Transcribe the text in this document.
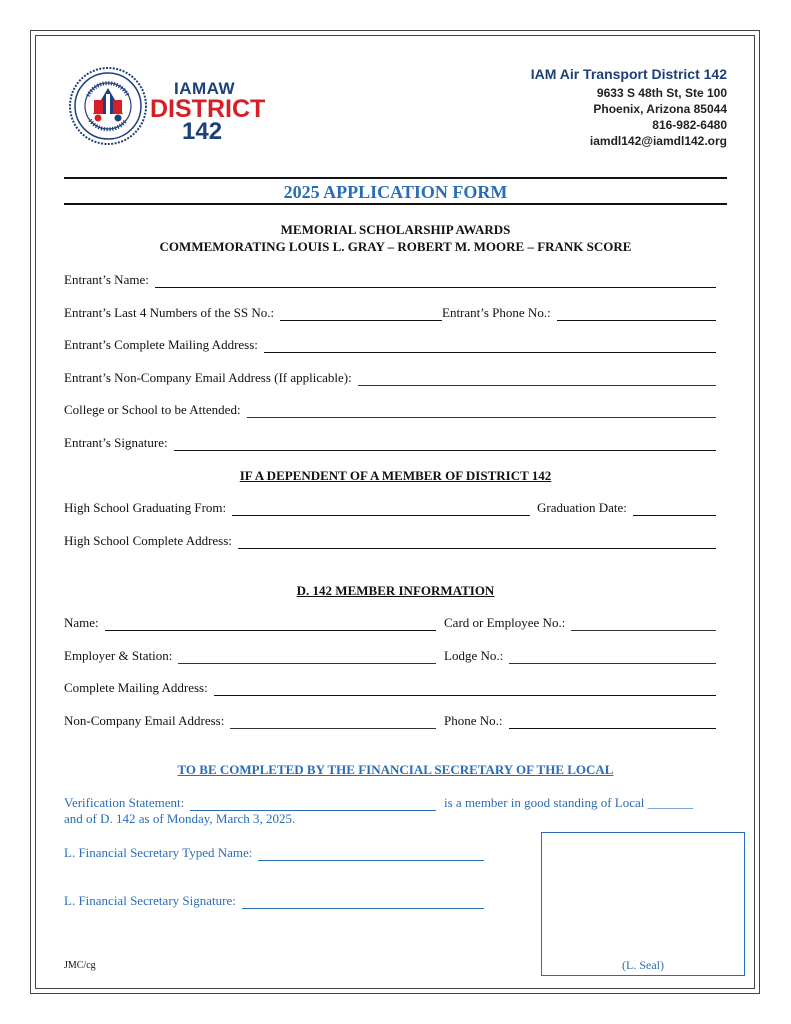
IAMAW
DISTRICT
142
IAM Air Transport District 142
9633 S 48th St, Ste 100
Phoenix, Arizona 85044
816-982-6480
iamdl142@iamdl142.org
2025 APPLICATION FORM
MEMORIAL SCHOLARSHIP AWARDS
COMMEMORATING LOUIS L. GRAY – ROBERT M. MOORE – FRANK SCORE
Entrant’s Name:
Entrant’s Last 4 Numbers of the SS No.:	Entrant’s Phone No.:
Entrant’s Complete Mailing Address:
Entrant’s Non-Company Email Address (If applicable):
College or School to be Attended:
Entrant’s Signature:
IF A DEPENDENT OF A MEMBER OF DISTRICT 142
High School Graduating From:	Graduation Date:
High School Complete Address:
D. 142 MEMBER INFORMATION
Name:	Card or Employee No.:
Employer & Station:	Lodge No.:
Complete Mailing Address:
Non-Company Email Address:	Phone No.:
TO BE COMPLETED BY THE FINANCIAL SECRETARY OF THE LOCAL
Verification Statement:	is a member in good standing of Local _______
and of D. 142 as of Monday, March 3, 2025.
L. Financial Secretary Typed Name:
L. Financial Secretary Signature:
(L. Seal)
JMC/cg
